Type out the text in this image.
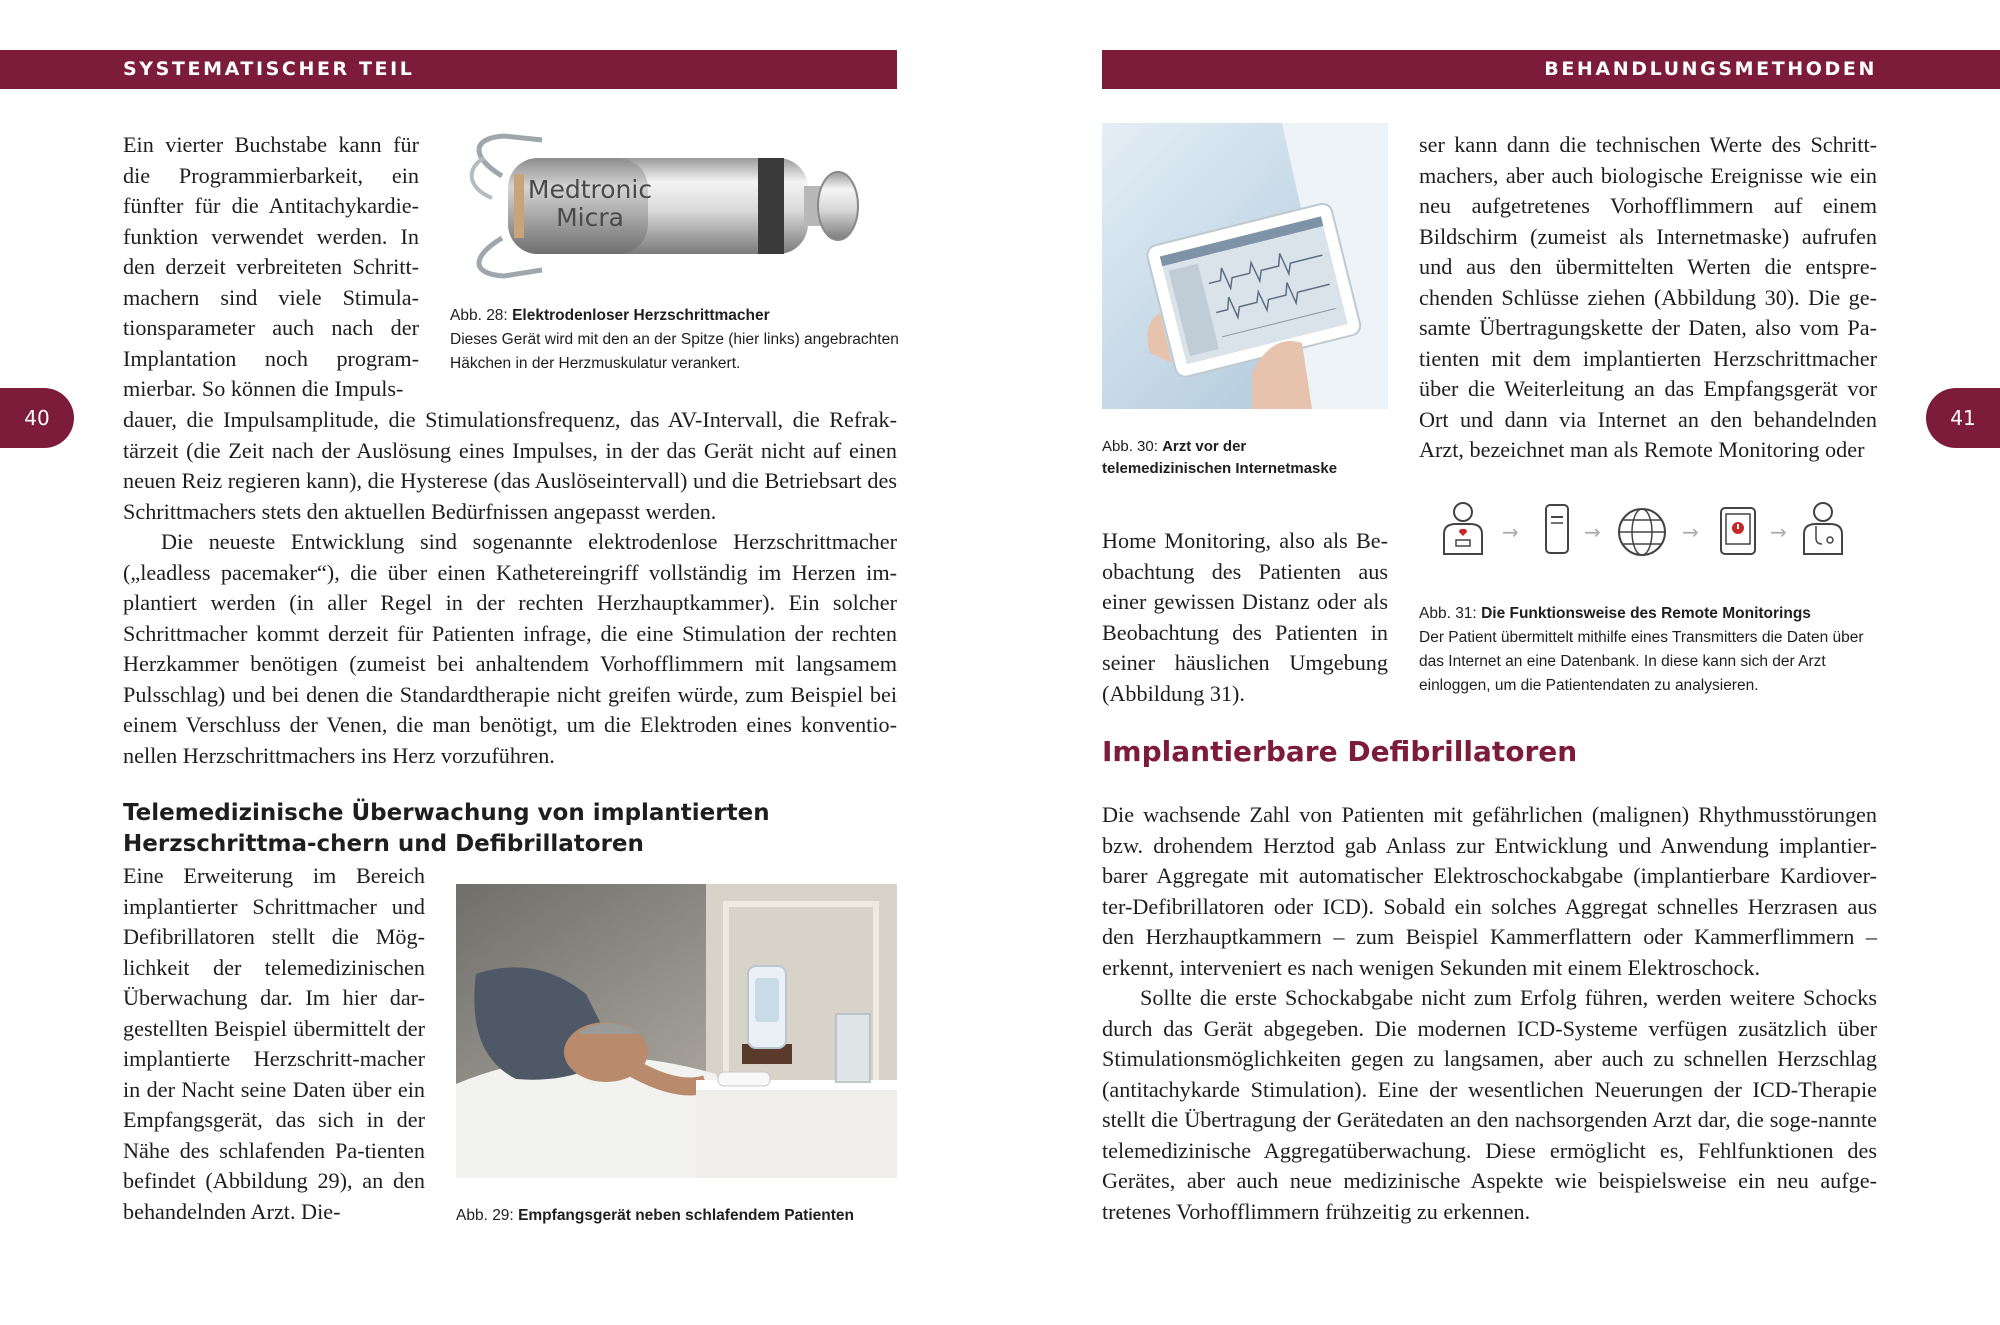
SYSTEMATISCHER TEIL	BEHANDLUNGSMETHODEN
40	41

Ein vierter Buchstabe kann für die Programmierbarkeit, ein fünfter für die Antitachykardie-funktion verwendet werden. In den derzeit verbreiteten Schritt-machern sind viele Stimula-tionsparameter auch nach der Implantation noch program-mierbar. So können die Impuls-

Medtronic
Micra

Abb. 28: Elektrodenloser Herzschrittmacher
Dieses Gerät wird mit den an der Spitze (hier links) angebrachten Häkchen in der Herzmuskulatur verankert.

dauer, die Impulsamplitude, die Stimulationsfrequenz, das AV-Intervall, die Refrak-tärzeit (die Zeit nach der Auslösung eines Impulses, in der das Gerät nicht auf einen neuen Reiz regieren kann), die Hysterese (das Auslöseintervall) und die Betriebsart des Schrittmachers stets den aktuellen Bedürfnissen angepasst werden.

Die neueste Entwicklung sind sogenannte elektrodenlose Herzschrittmacher („leadless pacemaker“), die über einen Kathetereingriff vollständig im Herzen im-plantiert werden (in aller Regel in der rechten Herzhauptkammer). Ein solcher Schrittmacher kommt derzeit für Patienten infrage, die eine Stimulation der rechten Herzkammer benötigen (zumeist bei anhaltendem Vorhofflimmern mit langsamem Pulsschlag) und bei denen die Standardtherapie nicht greifen würde, zum Beispiel bei einem Verschluss der Venen, die man benötigt, um die Elektroden eines konventio-nellen Herzschrittmachers ins Herz vorzuführen.

Telemedizinische Überwachung von implantierten Herzschrittma-chern und Defibrillatoren

Eine Erweiterung im Bereich implantierter Schrittmacher und Defibrillatoren stellt die Mög-lichkeit der telemedizinischen Überwachung dar. Im hier dar-gestellten Beispiel übermittelt der implantierte Herzschritt-macher in der Nacht seine Daten über ein Empfangsgerät, das sich in der Nähe des schlafenden Pa-tienten befindet (Abbildung 29), an den behandelnden Arzt. Die-	Abb. 29: Empfangsgerät neben schlafendem Patienten

Abb. 30: Arzt vor der telemedizinischen Internetmaske

ser kann dann die technischen Werte des Schritt-machers, aber auch biologische Ereignisse wie ein neu aufgetretenes Vorhofflimmern auf einem Bildschirm (zumeist als Internetmaske) aufrufen und aus den übermittelten Werten die entspre-chenden Schlüsse ziehen (Abbildung 30). Die ge-samte Übertragungskette der Daten, also vom Pa-tienten mit dem implantierten Herzschrittmacher über die Weiterleitung an das Empfangsgerät vor Ort und dann via Internet an den behandelnden Arzt, bezeichnet man als Remote Monitoring oder

Home Monitoring, also als Be-obachtung des Patienten aus einer gewissen Distanz oder als Beobachtung des Patienten in seiner häuslichen Umgebung (Abbildung 31).

→	→	→	→

Abb. 31: Die Funktionsweise des Remote Monitorings
Der Patient übermittelt mithilfe eines Transmitters die Daten über das Internet an eine Datenbank. In diese kann sich der Arzt einloggen, um die Patientendaten zu analysieren.

Implantierbare Defibrillatoren

Die wachsende Zahl von Patienten mit gefährlichen (malignen) Rhythmusstörungen bzw. drohendem Herztod gab Anlass zur Entwicklung und Anwendung implantier-barer Aggregate mit automatischer Elektroschockabgabe (implantierbare Kardiover-ter-Defibrillatoren oder ICD). Sobald ein solches Aggregat schnelles Herzrasen aus den Herzhauptkammern – zum Beispiel Kammerflattern oder Kammerflimmern – erkennt, interveniert es nach wenigen Sekunden mit einem Elektroschock.

Sollte die erste Schockabgabe nicht zum Erfolg führen, werden weitere Schocks durch das Gerät abgegeben. Die modernen ICD-Systeme verfügen zusätzlich über Stimulationsmöglichkeiten gegen zu langsamen, aber auch zu schnellen Herzschlag (antitachykarde Stimulation). Eine der wesentlichen Neuerungen der ICD-Therapie stellt die Übertragung der Gerätedaten an den nachsorgenden Arzt dar, die soge-nannte telemedizinische Aggregatüberwachung. Diese ermöglicht es, Fehlfunktionen des Gerätes, aber auch neue medizinische Aspekte wie beispielsweise ein neu aufge-tretenes Vorhofflimmern frühzeitig zu erkennen.
